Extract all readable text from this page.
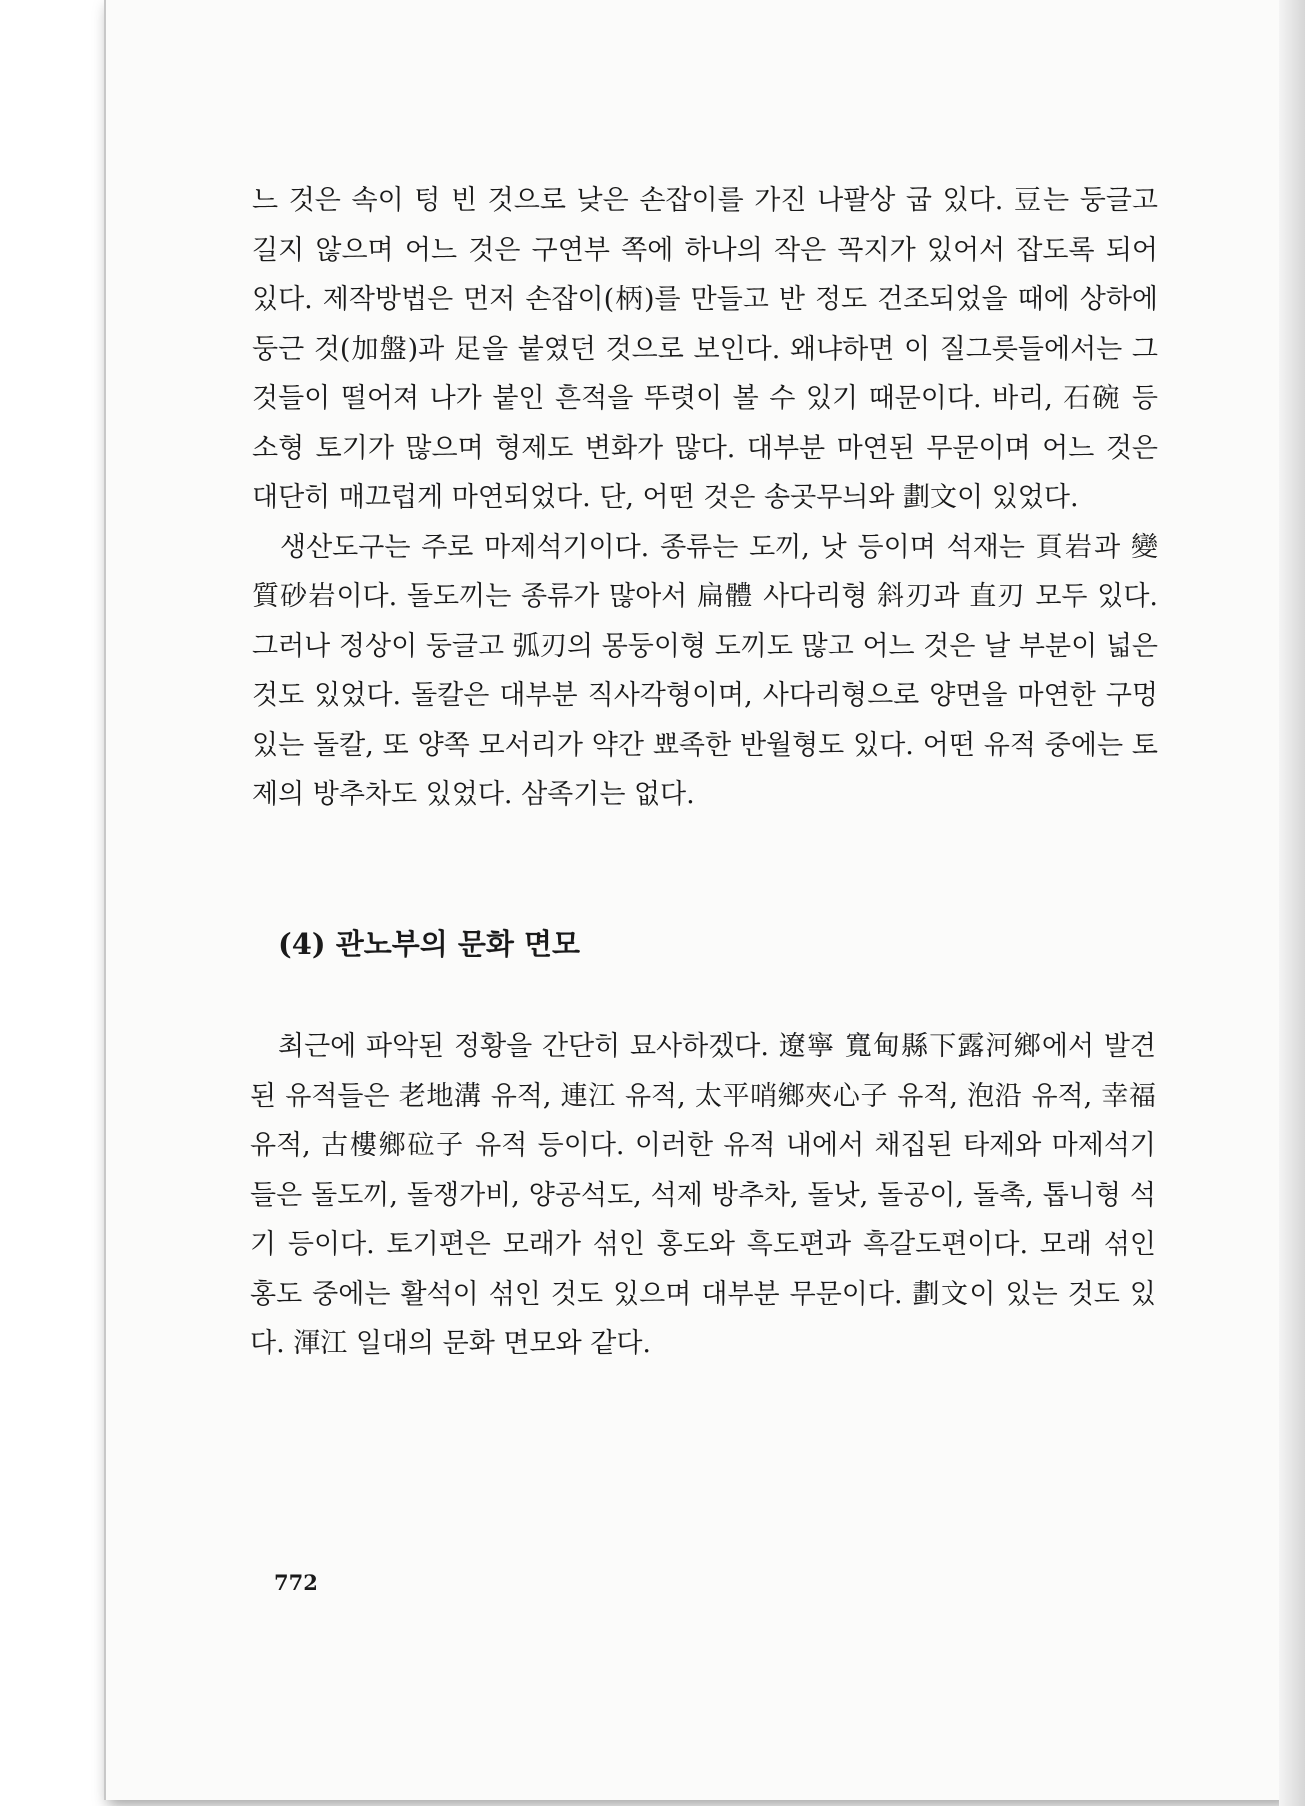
느 것은 속이 텅 빈 것으로 낮은 손잡이를 가진 나팔상 굽 있다. 豆는 둥글고 길지 않으며 어느 것은 구연부 쪽에 하나의 작은 꼭지가 있어서 잡도록 되어 있다. 제작방법은 먼저 손잡이(柄)를 만들고 반 정도 건조되었을 때에 상하에 둥근 것(加盤)과 足을 붙였던 것으로 보인다. 왜냐하면 이 질그릇들에서는 그것들이 떨어져 나가 붙인 흔적을 뚜렷이 볼 수 있기 때문이다. 바리, 石碗 등 소형 토기가 많으며 형제도 변화가 많다. 대부분 마연된 무문이며 어느 것은 대단히 매끄럽게 마연되었다. 단, 어떤 것은 송곳무늬와 劃文이 있었다.

생산도구는 주로 마제석기이다. 종류는 도끼, 낫 등이며 석재는 頁岩과 變質砂岩이다. 돌도끼는 종류가 많아서 扁體 사다리형 斜刃과 直刃 모두 있다. 그러나 정상이 둥글고 弧刃의 몽둥이형 도끼도 많고 어느 것은 날 부분이 넓은 것도 있었다. 돌칼은 대부분 직사각형이며, 사다리형으로 양면을 마연한 구멍 있는 돌칼, 또 양쪽 모서리가 약간 뾰족한 반월형도 있다. 어떤 유적 중에는 토제의 방추차도 있었다. 삼족기는 없다.

(4) 관노부의 문화 면모

최근에 파악된 정황을 간단히 묘사하겠다. 遼寧 寬甸縣下露河鄉에서 발견된 유적들은 老地溝 유적, 連江 유적, 太平哨鄉夾心子 유적, 泡沿 유적, 幸福 유적, 古樓鄉砬子 유적 등이다. 이러한 유적 내에서 채집된 타제와 마제석기들은 돌도끼, 돌쟁가비, 양공석도, 석제 방추차, 돌낫, 돌공이, 돌촉, 톱니형 석기 등이다. 토기편은 모래가 섞인 홍도와 흑도편과 흑갈도편이다. 모래 섞인 홍도 중에는 활석이 섞인 것도 있으며 대부분 무문이다. 劃文이 있는 것도 있다. 渾江 일대의 문화 면모와 같다.

772
